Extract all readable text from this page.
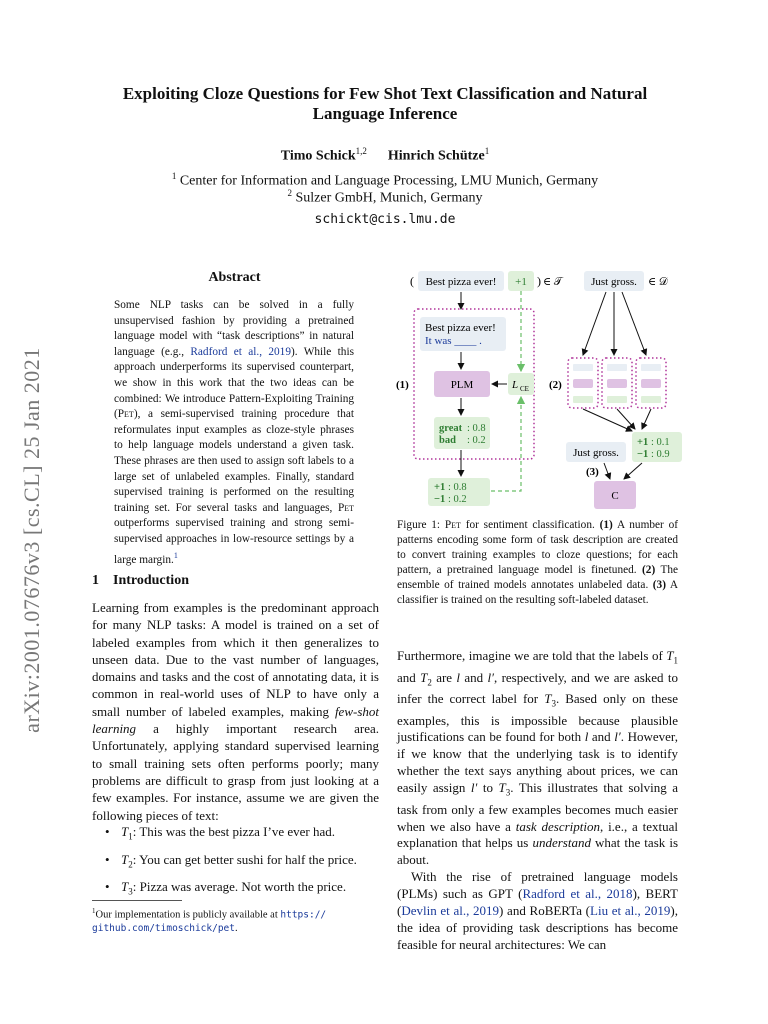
arXiv:2001.07676v3 [cs.CL] 25 Jan 2021
Exploiting Cloze Questions for Few Shot Text Classification and Natural
Language Inference
Timo Schick$^{1,2}$ Hinrich Schütze$^1$
$^1$ Center for Information and Language Processing, LMU Munich, Germany
$^2$ Sulzer GmbH, Munich, Germany
schickt@cis.lmu.de
Abstract
Some NLP tasks can be solved in a fully unsupervised fashion by providing a pretrained language model with “task descriptions” in natural language (e.g., Radford et al., 2019). While this approach underperforms its supervised counterpart, we show in this work that the two ideas can be combined: We introduce Pattern-Exploiting Training (Pet), a semi-supervised training procedure that reformulates input examples as cloze-style phrases to help language models understand a given task. These phrases are then used to assign soft labels to a large set of unlabeled examples. Finally, standard supervised training is performed on the resulting training set. For several tasks and languages, Pet outperforms supervised training and strong semi-supervised approaches in low-resource settings by a large margin.$^1$
1 Introduction
Learning from examples is the predominant approach for many NLP tasks: A model is trained on a set of labeled examples from which it then generalizes to unseen data. Due to the vast number of languages, domains and tasks and the cost of annotating data, it is common in real-world uses of NLP to have only a small number of labeled examples, making few-shot learning a highly important research area. Unfortunately, applying standard supervised learning to small training sets often performs poorly; many problems are difficult to grasp from just looking at a few examples. For instance, assume we are given the following pieces of text:
• $T_1$: This was the best pizza I’ve ever had.
• $T_2$: You can get better sushi for half the price.
• $T_3$: Pizza was average. Not worth the price.
$^1$Our implementation is publicly available at https://
github.com/timoschick/pet.
( Best pizza ever! +1 ) ∈ 𝒯	Just gross. ∈ 𝒟
Best pizza ever!
It was ____ .
PLM	L CE
great : 0.8
bad : 0.2
+1 : 0.8
−1 : 0.2
(1)	(2)
Just gross.
+1 : 0.1
−1 : 0.9
(3)
C
Figure 1: Pet for sentiment classification. (1) A number of patterns encoding some form of task description are created to convert training examples to cloze questions; for each pattern, a pretrained language model is finetuned. (2) The ensemble of trained models annotates unlabeled data. (3) A classifier is trained on the resulting soft-labeled dataset.
Furthermore, imagine we are told that the labels of $T_1$ and $T_2$ are l and l′, respectively, and we are asked to infer the correct label for $T_3$. Based only on these examples, this is impossible because plausible justifications can be found for both l and l′. However, if we know that the underlying task is to identify whether the text says anything about prices, we can easily assign l′ to $T_3$. This illustrates that solving a task from only a few examples becomes much easier when we also have a task description, i.e., a textual explanation that helps us understand what the task is about.
With the rise of pretrained language models (PLMs) such as GPT (Radford et al., 2018), BERT (Devlin et al., 2019) and RoBERTa (Liu et al., 2019), the idea of providing task descriptions has become feasible for neural architectures: We can
